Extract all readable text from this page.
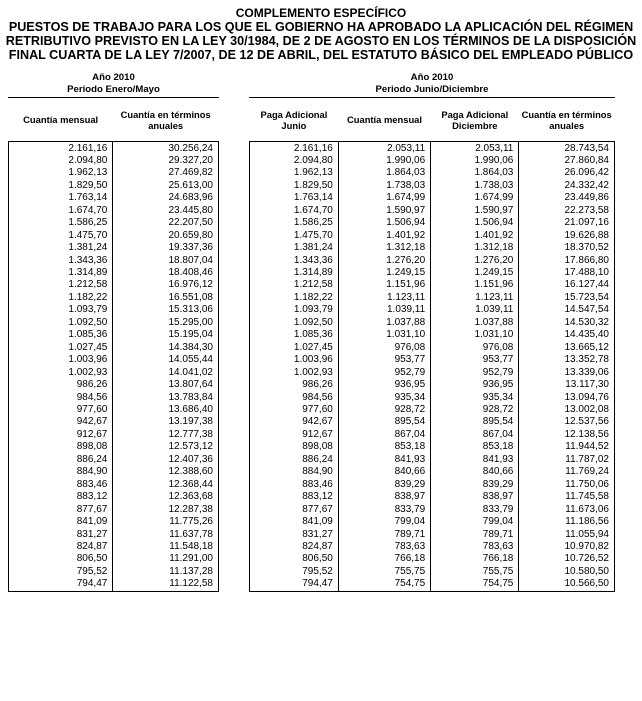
COMPLEMENTO ESPECÍFICO
PUESTOS DE TRABAJO PARA LOS QUE EL GOBIERNO HA APROBADO LA APLICACIÓN DEL RÉGIMEN
RETRIBUTIVO PREVISTO EN LA LEY 30/1984, DE 2 DE AGOSTO EN LOS TÉRMINOS DE LA DISPOSICIÓN
FINAL CUARTA DE LA LEY 7/2007, DE 12 DE ABRIL, DEL ESTATUTO BÁSICO DEL EMPLEADO PÚBLICO
Año 2010
Periodo Enero/Mayo
Año 2010
Periodo Junio/Diciembre
Cuantía mensual	Cuantía en términos anuales
2.161,16	30.256,24
2.094,80	29.327,20
1.962,13	27.469,82
1.829,50	25.613,00
1.763,14	24.683,96
1.674,70	23.445,80
1.586,25	22.207,50
1.475,70	20.659,80
1.381,24	19.337,36
1.343,36	18.807,04
1.314,89	18.408,46
1.212,58	16.976,12
1.182,22	16.551,08
1.093,79	15.313,06
1.092,50	15.295,00
1.085,36	15.195,04
1.027,45	14.384,30
1.003,96	14.055,44
1.002,93	14.041,02
986,26	13.807,64
984,56	13.783,84
977,60	13.686,40
942,67	13.197,38
912,67	12.777,38
898,08	12.573,12
886,24	12.407,36
884,90	12.388,60
883,46	12.368,44
883,12	12.363,68
877,67	12.287,38
841,09	11.775,26
831,27	11.637,78
824,87	11.548,18
806,50	11.291,00
795,52	11.137,28
794,47	11.122,58
Paga Adicional Junio	Cuantía mensual	Paga Adicional Diciembre	Cuantía en términos anuales
2.161,16	2.053,11	2.053,11	28.743,54
2.094,80	1.990,06	1.990,06	27.860,84
1.962,13	1.864,03	1.864,03	26.096,42
1.829,50	1.738,03	1.738,03	24.332,42
1.763,14	1.674,99	1.674,99	23.449,86
1.674,70	1.590,97	1.590,97	22.273,58
1.586,25	1.506,94	1.506,94	21.097,16
1.475,70	1.401,92	1.401,92	19.626,88
1.381,24	1.312,18	1.312,18	18.370,52
1.343,36	1.276,20	1.276,20	17.866,80
1.314,89	1.249,15	1.249,15	17.488,10
1.212,58	1.151,96	1.151,96	16.127,44
1.182,22	1.123,11	1.123,11	15.723,54
1.093,79	1.039,11	1.039,11	14.547,54
1.092,50	1.037,88	1.037,88	14.530,32
1.085,36	1.031,10	1.031,10	14.435,40
1.027,45	976,08	976,08	13.665,12
1.003,96	953,77	953,77	13.352,78
1.002,93	952,79	952,79	13.339,06
986,26	936,95	936,95	13.117,30
984,56	935,34	935,34	13.094,76
977,60	928,72	928,72	13.002,08
942,67	895,54	895,54	12.537,56
912,67	867,04	867,04	12.138,56
898,08	853,18	853,18	11.944,52
886,24	841,93	841,93	11.787,02
884,90	840,66	840,66	11.769,24
883,46	839,29	839,29	11.750,06
883,12	838,97	838,97	11.745,58
877,67	833,79	833,79	11.673,06
841,09	799,04	799,04	11.186,56
831,27	789,71	789,71	11.055,94
824,87	783,63	783,63	10.970,82
806,50	766,18	766,18	10.726,52
795,52	755,75	755,75	10.580,50
794,47	754,75	754,75	10.566,50
